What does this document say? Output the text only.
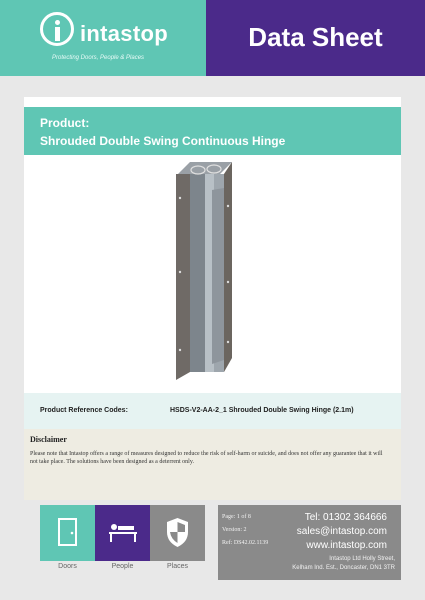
intastop
Protecting Doors, People & Places
Data Sheet
Product:
Shrouded Double Swing Continuous Hinge
Product Reference Codes:	HSDS-V2-AA-2_1 Shrouded Double Swing Hinge (2.1m)
Disclaimer
Please note that Intastop offers a range of measures designed to reduce the risk of self-harm or suicide, and does not offer any guarantee that it will not take place. The solutions have been designed as a deterrent only.
Doors	People	Places
Page: 1 of 8
Version: 2
Ref: DS42.02.1139
Tel: 01302 364666
sales@intastop.com
www.intastop.com
Intastop Ltd Holly Street,
Kelham Ind. Est., Doncaster, DN1 3TR
